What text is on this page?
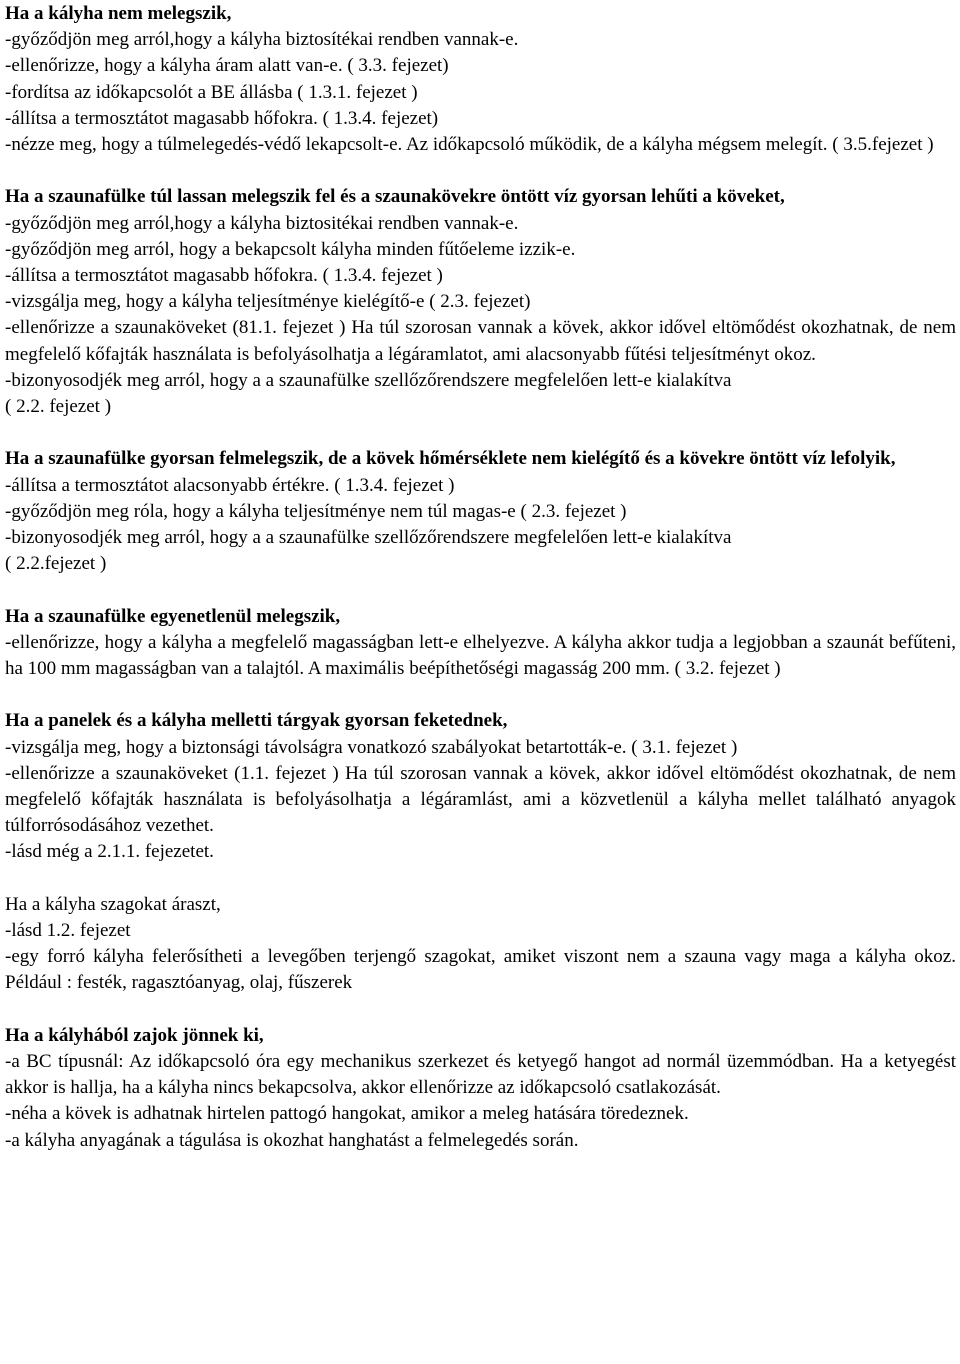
Ha a kályha nem melegszik,
-győződjön meg arról,hogy a kályha biztosítékai rendben vannak-e.
-ellenőrizze, hogy a kályha áram alatt van-e. ( 3.3. fejezet)
-fordítsa az időkapcsolót a BE állásba ( 1.3.1. fejezet )
-állítsa a termosztátot magasabb hőfokra. ( 1.3.4. fejezet)
-nézze meg, hogy a túlmelegedés-védő lekapcsolt-e. Az időkapcsoló működik, de a kályha mégsem melegít. ( 3.5.fejezet )
Ha a szaunafülke túl lassan melegszik fel és a szaunakövekre öntött víz gyorsan lehűti a köveket,
-győződjön meg arról,hogy a kályha biztositékai rendben vannak-e.
-győződjön meg arról, hogy a bekapcsolt kályha minden fűtőeleme izzik-e.
-állítsa a termosztátot magasabb hőfokra. ( 1.3.4. fejezet )
-vizsgálja meg, hogy a kályha teljesítménye kielégítő-e ( 2.3. fejezet)
-ellenőrizze a szaunaköveket (81.1. fejezet ) Ha túl szorosan vannak a kövek, akkor idővel eltömődést okozhatnak, de nem megfelelő kőfajták használata is befolyásolhatja a légáramlatot, ami alacsonyabb fűtési teljesítményt okoz.
-bizonyosodjék meg arról, hogy a a szaunafülke szellőzőrendszere megfelelően lett-e kialakítva
( 2.2. fejezet )
Ha a szaunafülke gyorsan felmelegszik, de a kövek hőmérséklete nem kielégítő és a kövekre öntött víz lefolyik,
-állítsa a termosztátot alacsonyabb értékre. ( 1.3.4. fejezet )
-győződjön meg róla, hogy a kályha teljesítménye nem túl magas-e ( 2.3. fejezet )
-bizonyosodjék meg arról, hogy a a szaunafülke szellőzőrendszere megfelelően lett-e kialakítva
( 2.2.fejezet )
Ha a szaunafülke egyenetlenül melegszik,
-ellenőrizze, hogy a kályha a megfelelő magasságban lett-e elhelyezve. A kályha akkor tudja a legjobban a szaunát befűteni, ha 100 mm magasságban van a talajtól. A maximális beépíthetőségi magasság 200 mm. ( 3.2. fejezet )
Ha a panelek és a kályha melletti tárgyak gyorsan feketednek,
-vizsgálja meg, hogy a biztonsági távolságra vonatkozó szabályokat betartották-e. ( 3.1. fejezet )
-ellenőrizze a szaunaköveket (1.1. fejezet ) Ha túl szorosan vannak a kövek, akkor idővel eltömődést okozhatnak, de nem megfelelő kőfajták használata is befolyásolhatja a légáramlást, ami a közvetlenül a kályha mellet található anyagok túlforrósodásához vezethet.
-lásd még a 2.1.1. fejezetet.
Ha a kályha szagokat áraszt,
-lásd 1.2. fejezet
-egy forró kályha felerősítheti a levegőben terjengő szagokat, amiket viszont nem a szauna vagy maga a kályha okoz. Például : festék, ragasztóanyag, olaj, fűszerek
Ha a kályhából zajok jönnek ki,
-a BC típusnál: Az időkapcsoló óra egy mechanikus szerkezet és ketyegő hangot ad normál üzemmódban. Ha a ketyegést akkor is hallja, ha a kályha nincs bekapcsolva, akkor ellenőrizze az időkapcsoló csatlakozását.
-néha a kövek is adhatnak hirtelen pattogó hangokat, amikor a meleg hatására töredeznek.
-a kályha anyagának a tágulása is okozhat hanghatást a felmelegedés során.
